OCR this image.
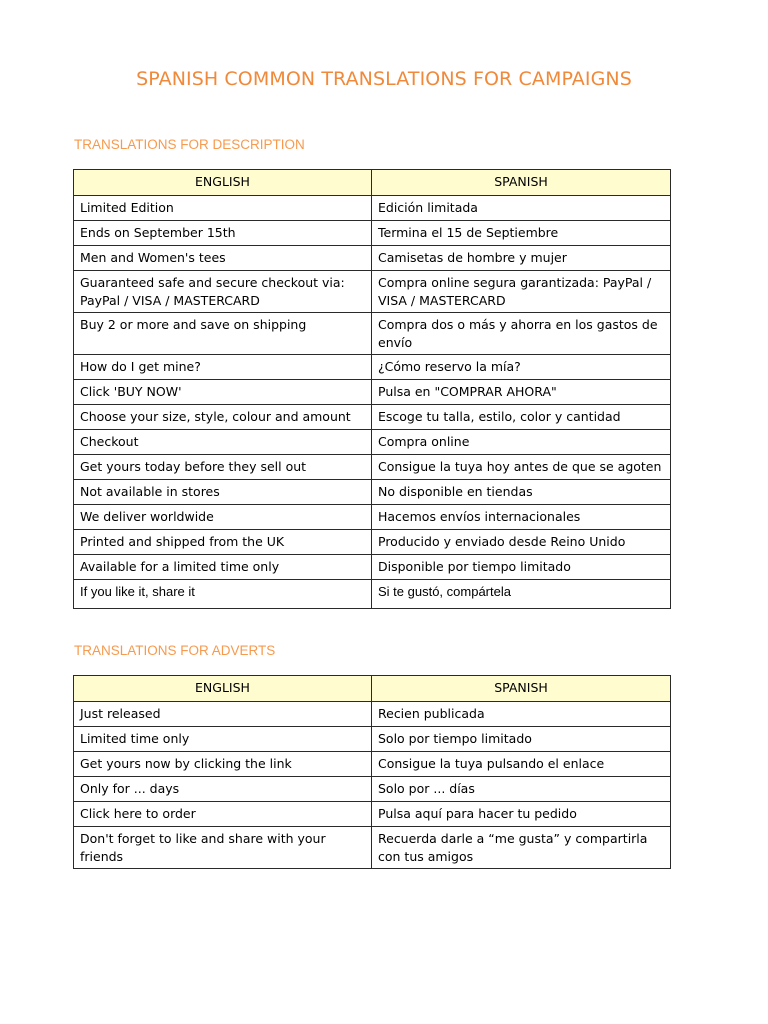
SPANISH COMMON TRANSLATIONS FOR CAMPAIGNS
TRANSLATIONS FOR DESCRIPTION
ENGLISH	SPANISH
Limited Edition	Edición limitada
Ends on September 15th	Termina el 15 de Septiembre
Men and Women's tees	Camisetas de hombre y mujer
Guaranteed safe and secure checkout via: PayPal / VISA / MASTERCARD	Compra online segura garantizada: PayPal / VISA / MASTERCARD
Buy 2 or more and save on shipping	Compra dos o más y ahorra en los gastos de envío
How do I get mine?	¿Cómo reservo la mía?
Click 'BUY NOW'	Pulsa en "COMPRAR AHORA"
Choose your size, style, colour and amount	Escoge tu talla, estilo, color y cantidad
Checkout	Compra online
Get yours today before they sell out	Consigue la tuya hoy antes de que se agoten
Not available in stores	No disponible en tiendas
We deliver worldwide	Hacemos envíos internacionales
Printed and shipped from the UK	Producido y enviado desde Reino Unido
Available for a limited time only	Disponible por tiempo limitado
If you like it, share it	Si te gustó, compártela
TRANSLATIONS FOR ADVERTS
ENGLISH	SPANISH
Just released	Recien publicada
Limited time only	Solo por tiempo limitado
Get yours now by clicking the link	Consigue la tuya pulsando el enlace
Only for ... days	Solo por ... días
Click here to order	Pulsa aquí para hacer tu pedido
Don't forget to like and share with your friends	Recuerda darle a “me gusta” y compartirla con tus amigos
